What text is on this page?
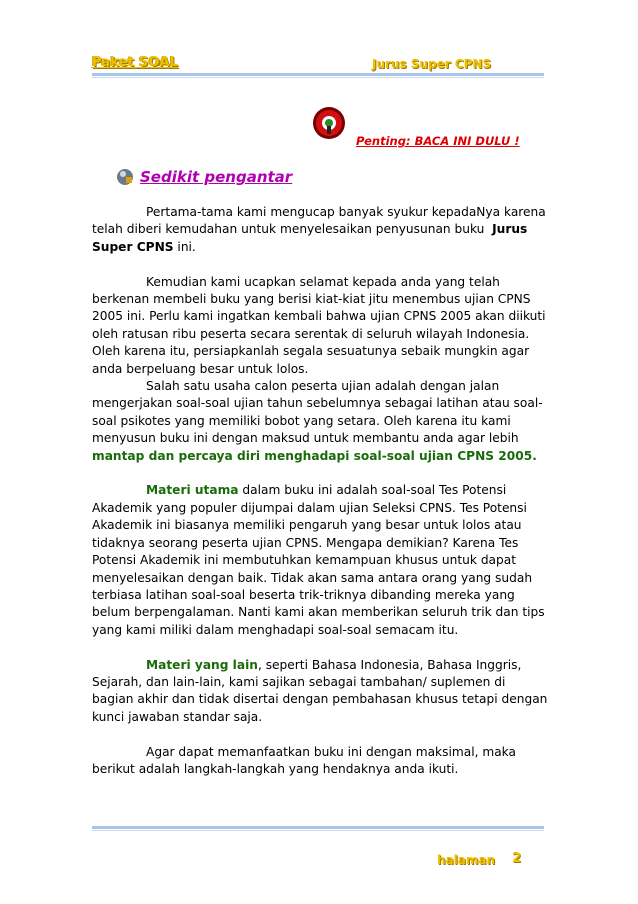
Paket SOAL	Jurus Super CPNS
Penting: BACA INI DULU !
Sedikit pengantar

Pertama-tama kami mengucap banyak syukur kepadaNya karena telah diberi kemudahan untuk menyelesaikan penyusunan buku Jurus Super CPNS ini.

Kemudian kami ucapkan selamat kepada anda yang telah berkenan membeli buku yang berisi kiat-kiat jitu menembus ujian CPNS 2005 ini. Perlu kami ingatkan kembali bahwa ujian CPNS 2005 akan diikuti oleh ratusan ribu peserta secara serentak di seluruh wilayah Indonesia. Oleh karena itu, persiapkanlah segala sesuatunya sebaik mungkin agar anda berpeluang besar untuk lolos.

Salah satu usaha calon peserta ujian adalah dengan jalan mengerjakan soal-soal ujian tahun sebelumnya sebagai latihan atau soal-soal psikotes yang memiliki bobot yang setara. Oleh karena itu kami menyusun buku ini dengan maksud untuk membantu anda agar lebih mantap dan percaya diri menghadapi soal-soal ujian CPNS 2005.

Materi utama dalam buku ini adalah soal-soal Tes Potensi Akademik yang populer dijumpai dalam ujian Seleksi CPNS. Tes Potensi Akademik ini biasanya memiliki pengaruh yang besar untuk lolos atau tidaknya seorang peserta ujian CPNS. Mengapa demikian? Karena Tes Potensi Akademik ini membutuhkan kemampuan khusus untuk dapat menyelesaikan dengan baik. Tidak akan sama antara orang yang sudah terbiasa latihan soal-soal beserta trik-triknya dibanding mereka yang belum berpengalaman. Nanti kami akan memberikan seluruh trik dan tips yang kami miliki dalam menghadapi soal-soal semacam itu.

Materi yang lain, seperti Bahasa Indonesia, Bahasa Inggris, Sejarah, dan lain-lain, kami sajikan sebagai tambahan/ suplemen di bagian akhir dan tidak disertai dengan pembahasan khusus tetapi dengan kunci jawaban standar saja.

Agar dapat memanfaatkan buku ini dengan maksimal, maka berikut adalah langkah-langkah yang hendaknya anda ikuti.

halaman 2
